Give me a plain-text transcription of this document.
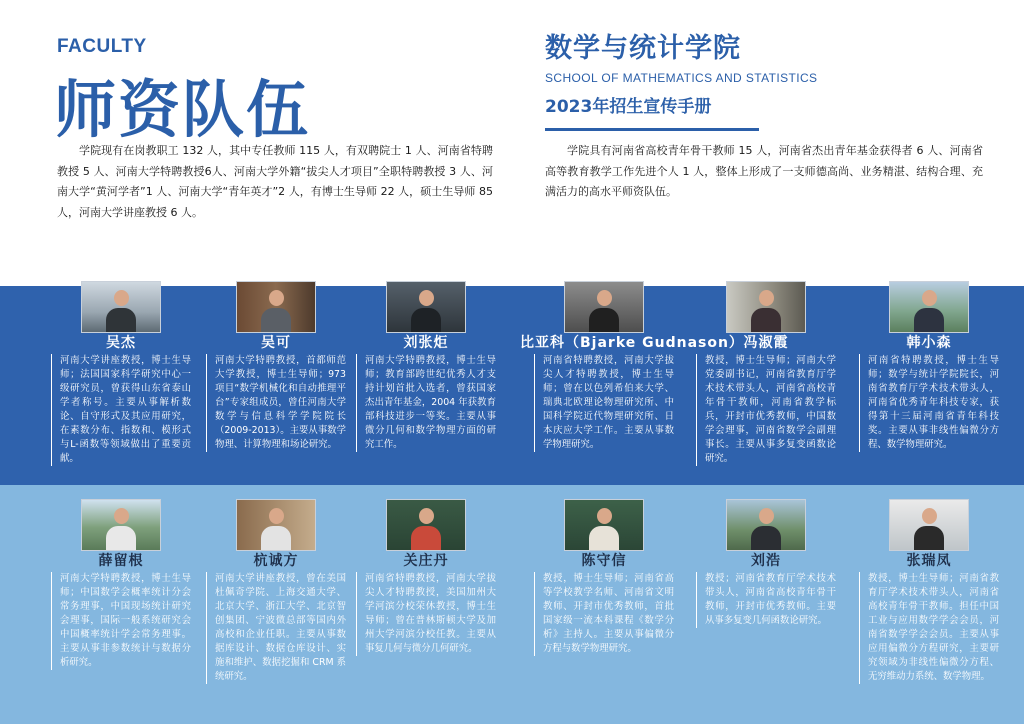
FACULTY
师资队伍
数学与统计学院
SCHOOL OF MATHEMATICS AND STATISTICS
2023年招生宣传手册

学院现有在岗教职工 132 人，其中专任教师 115 人，有双聘院士 1 人、河南省特聘教授 5 人、河南大学特聘教授6人、河南大学外籍“拔尖人才项目”全职特聘教授 3 人、河南大学“黄河学者”1 人、河南大学“青年英才”2 人，有博士生导师 22 人，硕士生导师 85 人，河南大学讲座教授 6 人。

学院具有河南省高校青年骨干教师 15 人，河南省杰出青年基金获得者 6 人、河南省高等教育教学工作先进个人 1 人，整体上形成了一支师德高尚、业务精湛、结构合理、充满活力的高水平师资队伍。

吴杰
河南大学讲座教授，博士生导师；法国国家科学研究中心一级研究员，曾获得山东省泰山学者称号。主要从事解析数论、自守形式及其应用研究，在素数分布、指数和、模形式与L-函数等领域做出了重要贡献。
吴可
河南大学特聘教授，首都师范大学教授，博士生导师；973 项目“数学机械化和自动推理平台”专家组成员，曾任河南大学数学与信息科学学院院长（2009-2013）。主要从事数学物理、计算物理和场论研究。
刘张炬
河南大学特聘教授，博士生导师；教育部跨世纪优秀人才支持计划首批入选者，曾获国家杰出青年基金，2004 年获教育部科技进步一等奖。主要从事微分几何和数学物理方面的研究工作。
比亚科（Bjarke Gudnason）
河南省特聘教授，河南大学拔尖人才特聘教授，博士生导师；曾在以色列希伯来大学、瑞典北欧理论物理研究所、中国科学院近代物理研究所、日本庆应大学工作。主要从事数学物理研究。
冯淑霞
教授，博士生导师；河南大学党委副书记，河南省教育厅学术技术带头人，河南省高校青年骨干教师，河南省教学标兵，开封市优秀教师，中国数学会理事，河南省数学会副理事长。主要从事多复变函数论研究。
韩小森
河南省特聘教授，博士生导师；数学与统计学院院长，河南省教育厅学术技术带头人，河南省优秀青年科技专家，获得第十三届河南省青年科技奖。主要从事非线性偏微分方程、数学物理研究。
薛留根
河南大学特聘教授，博士生导师；中国数学会概率统计分会常务理事，中国现场统计研究会理事，国际一般系统研究会中国概率统计学会常务理事。主要从事非参数统计与数据分析研究。
杭诚方
河南大学讲座教授，曾在美国杜佩奇学院、上海交通大学、北京大学、浙江大学、北京智创集团、宁波微总部等国内外高校和企业任职。主要从事数据库设计、数据仓库设计、实施和维护、数据挖掘和 CRM 系统研究。
关庄丹
河南省特聘教授，河南大学拔尖人才特聘教授，美国加州大学河滨分校荣休教授，博士生导师；曾在普林斯顿大学及加州大学河滨分校任教。主要从事复几何与微分几何研究。
陈守信
教授，博士生导师；河南省高等学校教学名师、河南省文明教师、开封市优秀教师，首批国家级一流本科课程《数学分析》主持人。主要从事偏微分方程与数学物理研究。
刘浩
教授；河南省教育厅学术技术带头人，河南省高校青年骨干教师，开封市优秀教师。主要从事多复变几何函数论研究。
张瑞凤
教授，博士生导师；河南省教育厅学术技术带头人，河南省高校青年骨干教师。担任中国工业与应用数学学会会员，河南省数学学会会员。主要从事应用偏微分方程研究，主要研究领域为非线性偏微分方程、无穷维动力系统、数学物理。
